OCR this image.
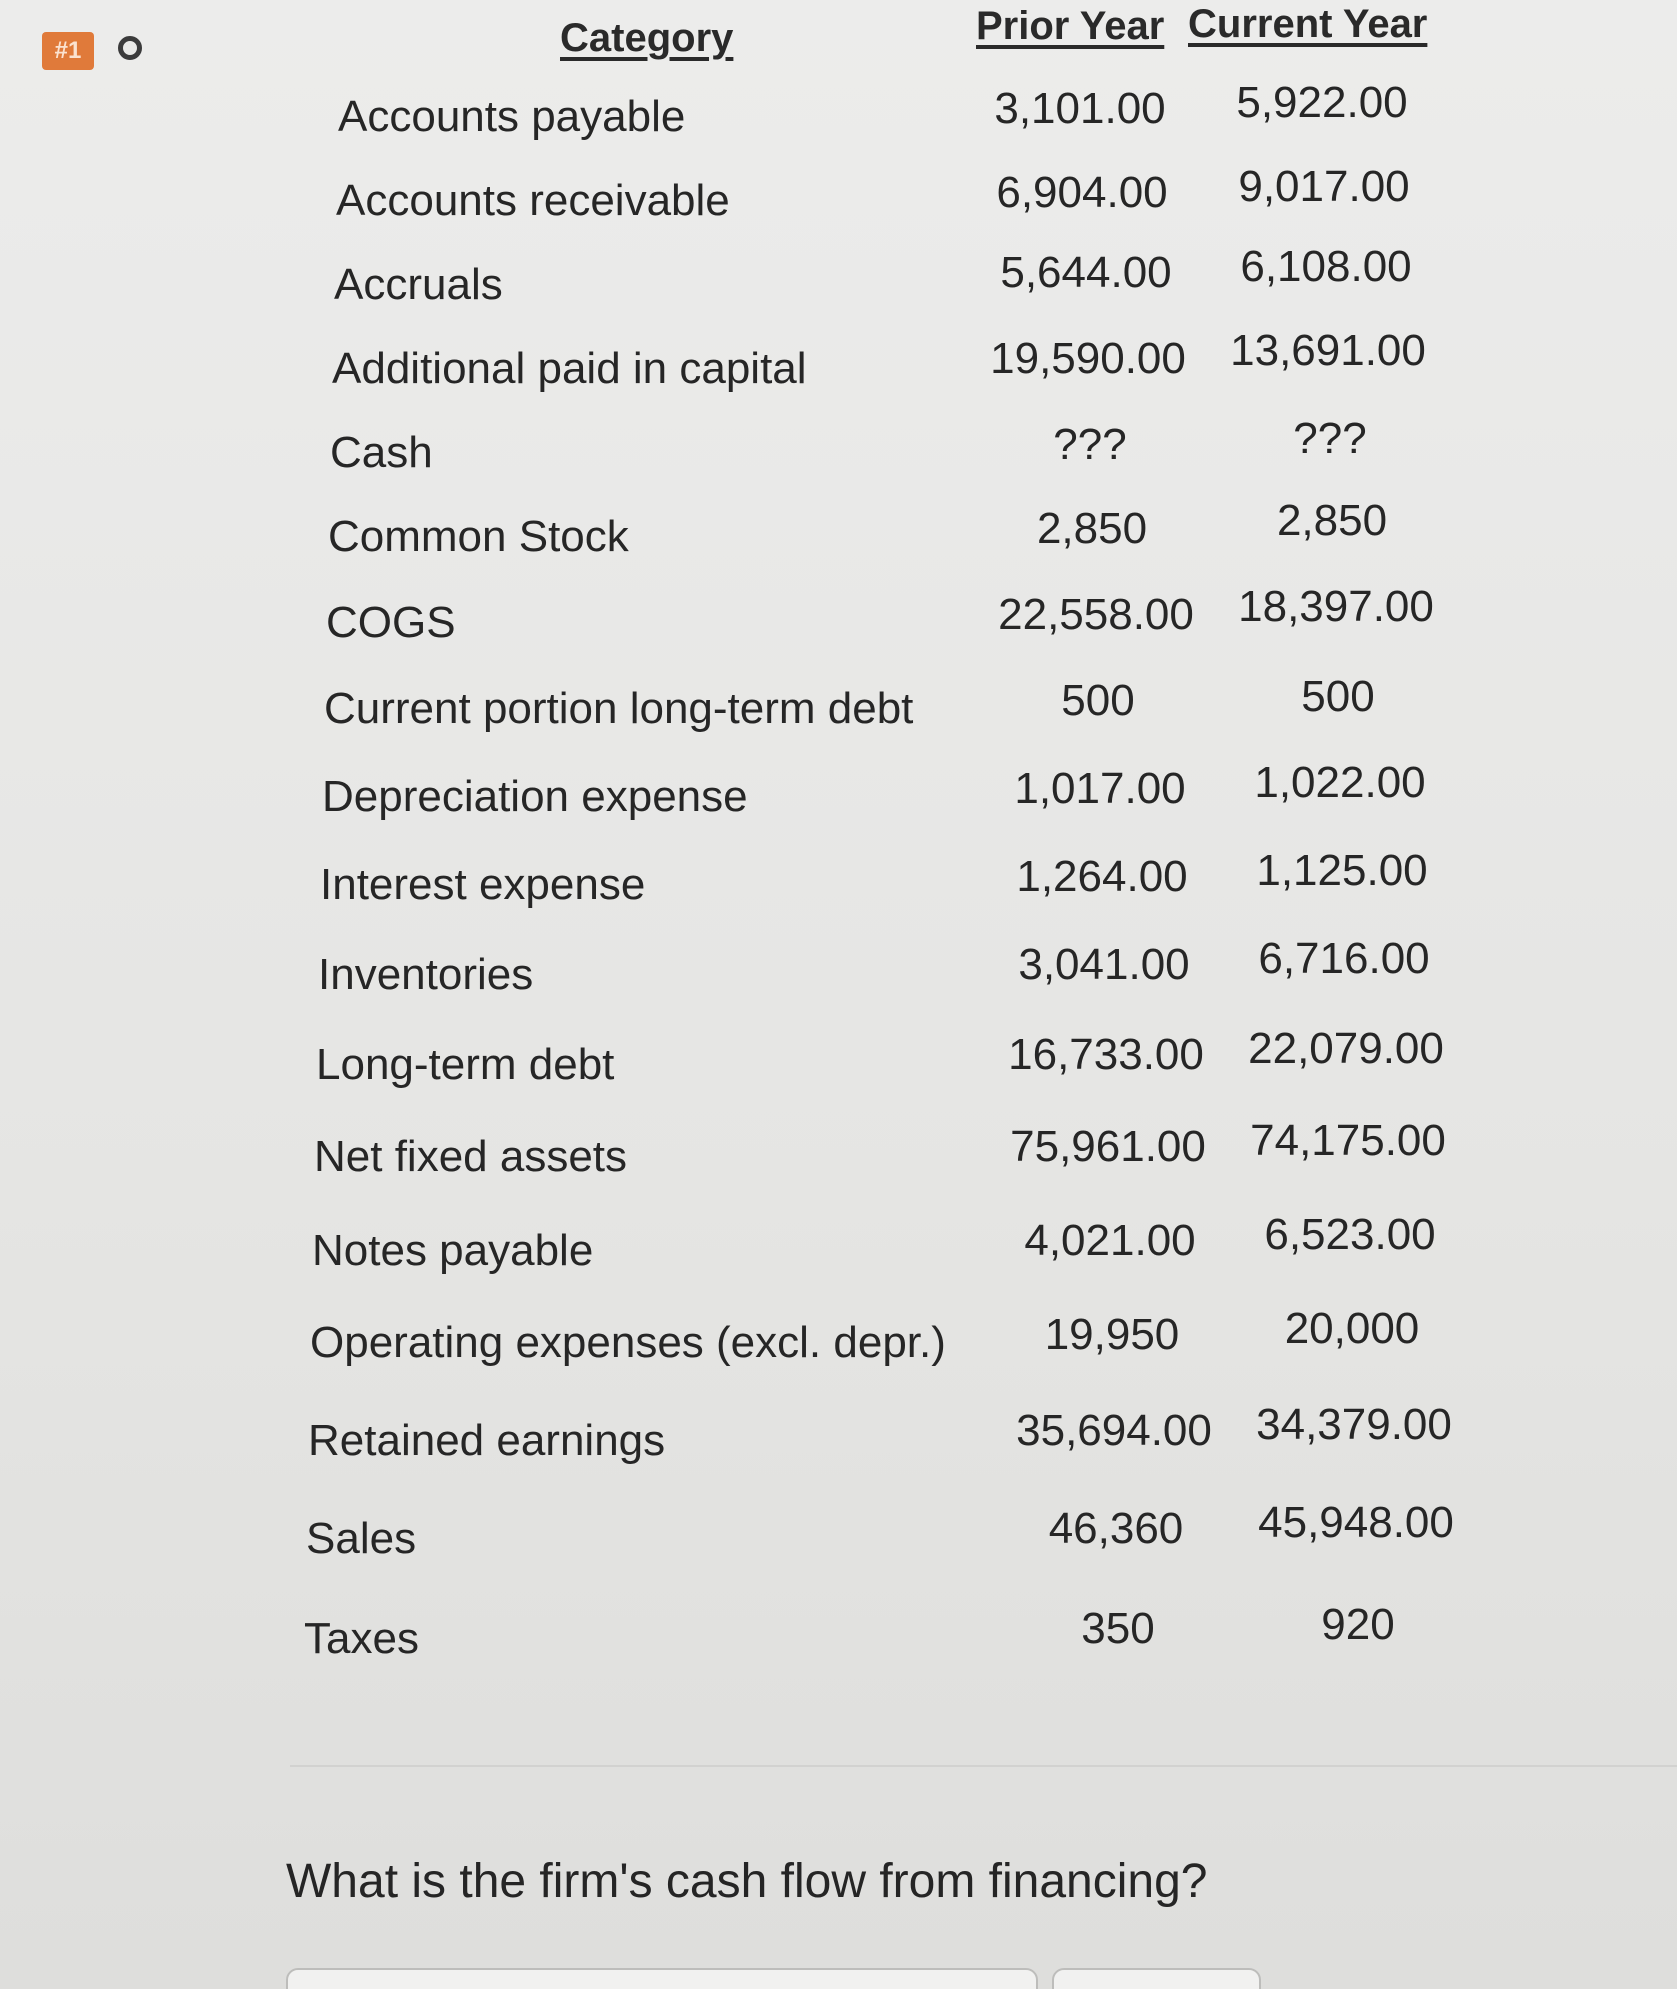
#1	Category	Prior Year Current Year
Accounts payable	3,101.00	5,922.00
Accounts receivable	6,904.00	9,017.00
Accruals	5,644.00	6,108.00
Additional paid in capital	19,590.00	13,691.00
Cash	???	???
Common Stock	2,850	2,850
COGS	22,558.00	18,397.00
Current portion long-term debt	500	500
Depreciation expense	1,017.00	1,022.00
Interest expense	1,264.00	1,125.00
Inventories	3,041.00	6,716.00
Long-term debt	16,733.00	22,079.00
Net fixed assets	75,961.00	74,175.00
Notes payable	4,021.00	6,523.00
Operating expenses (excl. depr.)	19,950	20,000
Retained earnings	35,694.00	34,379.00
Sales	46,360	45,948.00
Taxes	350	920
What is the firm's cash flow from financing?
